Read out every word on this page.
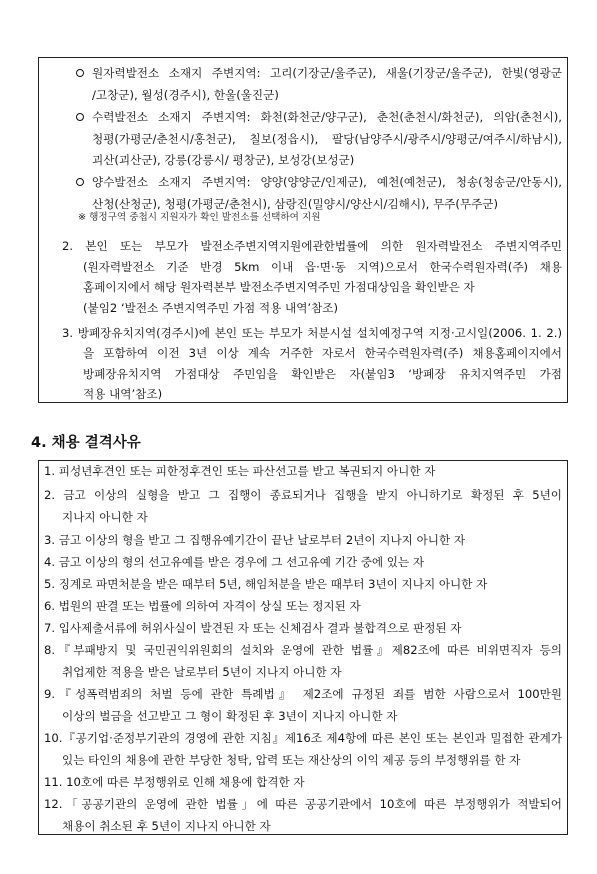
원자력발전소 소재지 주변지역: 고리(기장군/울주군), 새울(기장군/울주군), 한빛(영광군
/고창군), 월성(경주시), 한울(울진군)
수력발전소 소재지 주변지역: 화천(화천군/양구군), 춘천(춘천시/화천군), 의암(춘천시),
청평(가평군/춘천시/홍천군), 칠보(정읍시), 팔당(남양주시/광주시/양평군/여주시/하남시),
괴산(괴산군), 강릉(강릉시/ 평창군), 보성강(보성군)
양수발전소 소재지 주변지역: 양양(양양군/인제군), 예천(예천군), 청송(청송군/안동시),
산청(산청군), 청평(가평군/춘천시), 삼랑진(밀양시/양산시/김해시), 무주(무주군)
※ 행정구역 중첩시 지원자가 확인 발전소를 선택하여 지원
2. 본인 또는 부모가 발전소주변지역지원에관한법률에 의한 원자력발전소 주변지역주민
(원자력발전소 기준 반경 5km 이내 읍·면·동 지역)으로서 한국수력원자력(주) 채용
홈페이지에서 해당 원자력본부 발전소주변지역주민 가점대상임을 확인받은 자
(붙임2 ‘발전소 주변지역주민 가점 적용 내역’참조)
3. 방폐장유치지역(경주시)에 본인 또는 부모가 처분시설 설치예정구역 지정·고시일(2006. 1. 2.)
을 포함하여 이전 3년 이상 계속 거주한 자로서 한국수력원자력(주) 채용홈페이지에서
방폐장유치지역 가점대상 주민임을 확인받은 자(붙임3 ‘방폐장 유치지역주민 가점
적용 내역’참조)
4. 채용 결격사유
1. 피성년후견인 또는 피한정후견인 또는 파산선고를 받고 복권되지 아니한 자
2. 금고 이상의 실형을 받고 그 집행이 종료되거나 집행을 받지 아니하기로 확정된 후 5년이
지나지 아니한 자
3. 금고 이상의 형을 받고 그 집행유예기간이 끝난 날로부터 2년이 지나지 아니한 자
4. 금고 이상의 형의 선고유예를 받은 경우에 그 선고유예 기간 중에 있는 자
5. 징계로 파면처분을 받은 때부터 5년, 해임처분을 받은 때부터 3년이 지나지 아니한 자
6. 법원의 판결 또는 법률에 의하여 자격이 상실 또는 정지된 자
7. 입사제출서류에 허위사실이 발견된 자 또는 신체검사 결과 불합격으로 판정된 자
8.『부패방지 및 국민권익위원회의 설치와 운영에 관한 법률』제82조에 따른 비위면직자 등의
취업제한 적용을 받은 날로부터 5년이 지나지 아니한 자
9.『성폭력범죄의 처벌 등에 관한 특례법』 제2조에 규정된 죄를 범한 사람으로서 100만원
이상의 벌금을 선고받고 그 형이 확정된 후 3년이 지나지 아니한 자
10.『공기업·준정부기관의 경영에 관한 지침』제16조 제4항에 따른 본인 또는 본인과 밀접한 관계가
있는 타인의 채용에 관한 부당한 청탁, 압력 또는 재산상의 이익 제공 등의 부정행위를 한 자
11. 10호에 따른 부정행위로 인해 채용에 합격한 자
12.「공공기관의 운영에 관한 법률」에 따른 공공기관에서 10호에 따른 부정행위가 적발되어
채용이 취소된 후 5년이 지나지 아니한 자
